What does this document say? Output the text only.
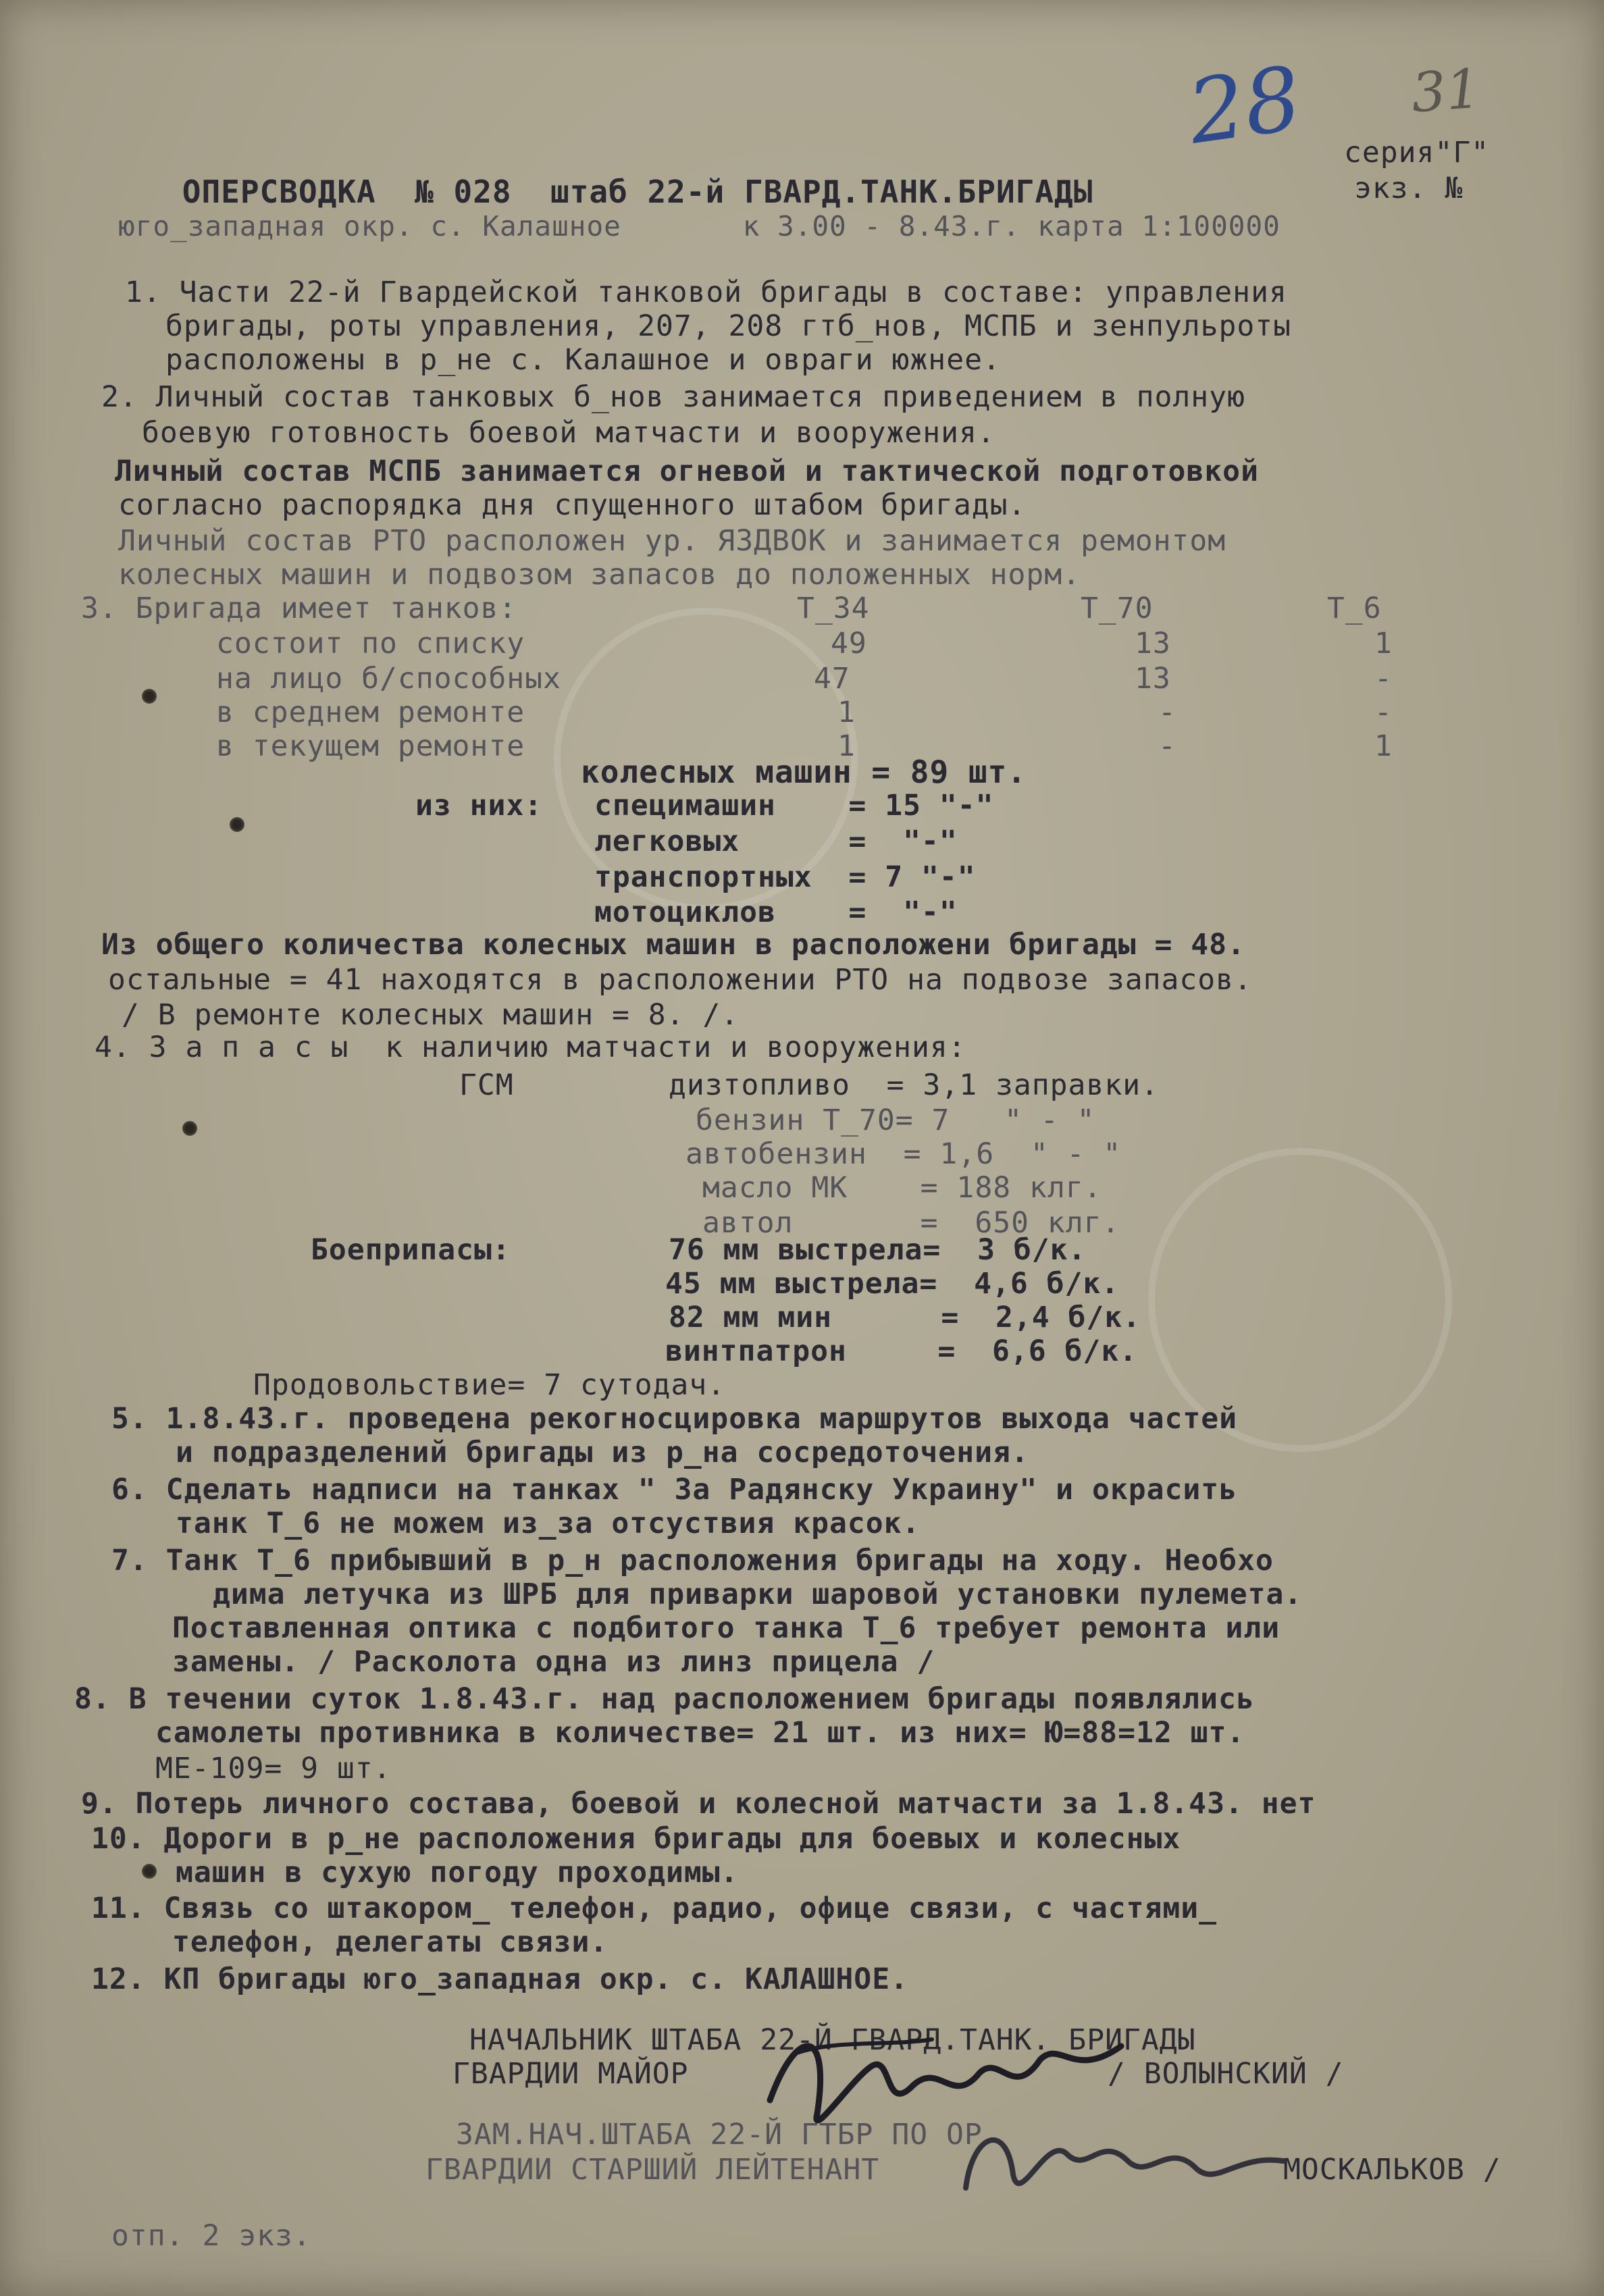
28 31

ОПЕРСВОДКА № 028 штаб 22-й ГВАРД.ТАНК.БРИГАДЫ

серия"Г"
экз. №
юго_западная окр. с. Калашное       к 3.00 - 8.43.г. карта 1:100000
1. Части 22-й Гвардейской танковой бригады в составе: управления
бригады, роты управления, 207, 208 гтб_нов, МСПБ и зенпульроты
расположены в р_не с. Калашное и овраги южнее.
2. Личный состав танковых б_нов занимается приведением в полную
боевую готовность боевой матчасти и вооружения.
Личный состав МСПБ занимается огневой и тактической подготовкой
согласно распорядка дня спущенного штабом бригады.
Личный состав РТО расположен ур. ЯЗДВОК и занимается ремонтом
колесных машин и подвозом запасов до положенных норм.
3. Бригада имеет танков:	Т_34	Т_70	Т_6
состоит по списку	49	13	1
на лицо б/способных	47	13	-
в среднем ремонте	1	-	-
в текущем ремонте	1	-	1
колесных машин = 89 шт.
из них: специмашин    = 15 "-"
легковых      =  "-"
транспортных  = 7 "-"
мотоциклов    =  "-"
Из общего количества колесных машин в расположени бригады = 48.
остальные = 41 находятся в расположении РТО на подвозе запасов.
/ В ремонте колесных машин = 8. /.
4. З а п а с ы  к наличию матчасти и вооружения:
ГСМ	дизтопливо  = 3,1 заправки.
бензин Т_70= 7   " - "
автобензин  = 1,6  " - "
масло МК    = 188 клг.
автол       =  650 клг.
Боеприпасы:	76 мм выстрела=  3 б/к.
45 мм выстрела=  4,6 б/к.
82 мм мин      =  2,4 б/к.
винтпатрон     =  6,6 б/к.
Продовольствие= 7 сутодач.
5. 1.8.43.г. проведена рекогносцировка маршрутов выхода частей
и подразделений бригады из р_на сосредоточения.
6. Сделать надписи на танках " За Радянску Украину" и окрасить
танк Т_6 не можем из_за отсуствия красок.
7. Танк Т_6 прибывший в р_н расположения бригады на ходу. Необхо
дима летучка из ШРБ для приварки шаровой установки пулемета.
Поставленная оптика с подбитого танка Т_6 требует ремонта или
замены. / Расколота одна из линз прицела /
8. В течении суток 1.8.43.г. над расположением бригады появлялись
самолеты противника в количестве= 21 шт. из них= Ю=88=12 шт.
МЕ-109= 9 шт.
9. Потерь личного состава, боевой и колесной матчасти за 1.8.43. нет
10. Дороги в р_не расположения бригады для боевых и колесных
машин в сухую погоду проходимы.
11. Связь со штакором_ телефон, радио, офице связи, с частями_
телефон, делегаты связи.
12. КП бригады юго_западная окр. с. КАЛАШНОЕ.
НАЧАЛЬНИК ШТАБА 22-Й ГВАРД.ТАНК. БРИГАДЫ
ГВАРДИИ МАЙОР	/ ВОЛЫНСКИЙ /
ЗАМ.НАЧ.ШТАБА 22-Й ГТБР ПО ОР
ГВАРДИИ СТАРШИЙ ЛЕЙТЕНАНТ	МОСКАЛЬКОВ /
отп. 2 экз.
